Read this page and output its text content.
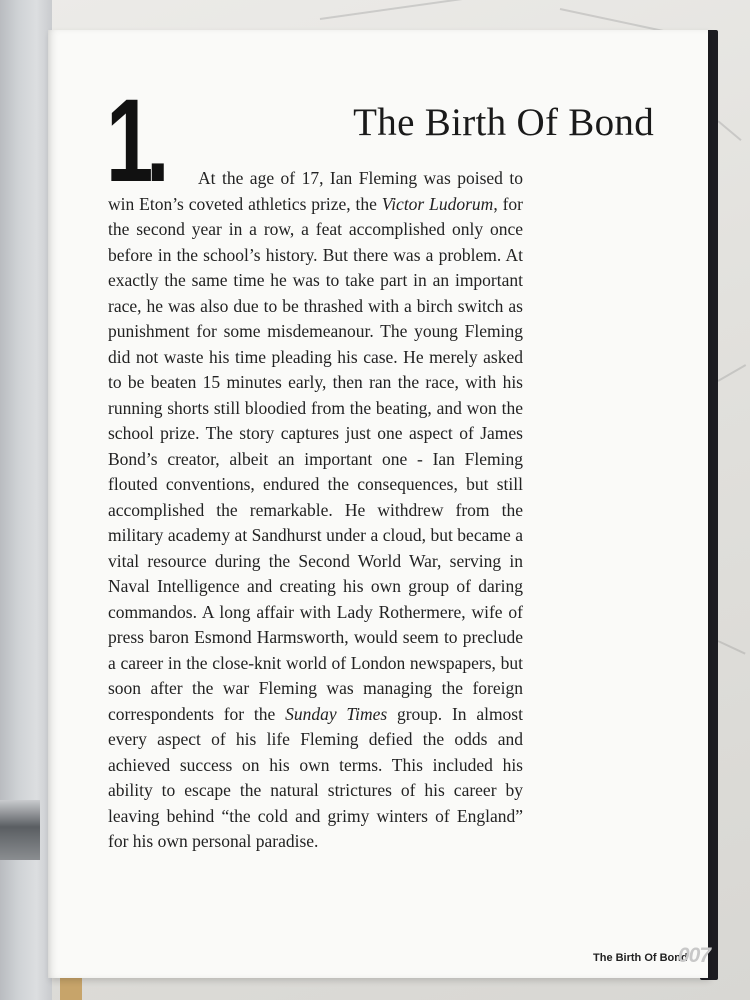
1.	The Birth Of Bond

At the age of 17, Ian Fleming was poised to win Eton’s coveted athletics prize, the Victor Ludorum, for the second year in a row, a feat accomplished only once before in the school’s history. But there was a problem. At exactly the same time he was to take part in an important race, he was also due to be thrashed with a birch switch as punishment for some misdemeanour. The young Fleming did not waste his time pleading his case. He merely asked to be beaten 15 minutes early, then ran the race, with his running shorts still bloodied from the beating, and won the school prize. The story captures just one aspect of James Bond’s creator, albeit an important one - Ian Fleming flouted conventions, endured the consequences, but still accomplished the remarkable. He withdrew from the military academy at Sandhurst under a cloud, but became a vital resource during the Second World War, serving in Naval Intelligence and creating his own group of daring commandos. A long affair with Lady Rothermere, wife of press baron Esmond Harmsworth, would seem to preclude a career in the close-knit world of London newspapers, but soon after the war Fleming was managing the foreign correspondents for the Sunday Times group. In almost every aspect of his life Fleming defied the odds and achieved success on his own terms. This included his ability to escape the natural strictures of his career by leaving behind “the cold and grimy winters of England” for his own personal paradise.

The Birth Of Bond
007
